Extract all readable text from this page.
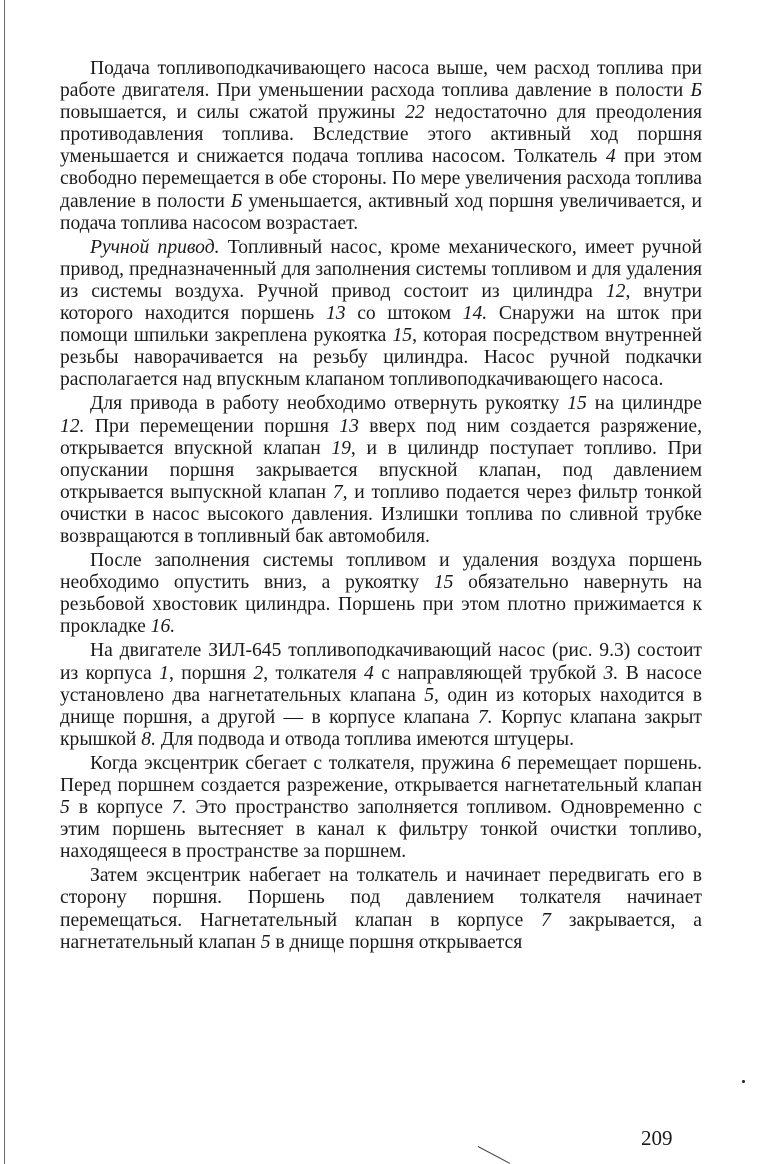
Подача топливоподкачивающего насоса выше, чем расход топлива при работе двигателя. При уменьшении расхода топлива давление в полости Б повышается, и силы сжатой пружины 22 недостаточно для преодоления противодавления топлива. Вследствие этого активный ход поршня уменьшается и снижается подача топлива насосом. Толкатель 4 при этом свободно перемещается в обе стороны. По мере увеличения расхода топлива давление в полости Б уменьшается, активный ход поршня увеличивается, и подача топлива насосом возрастает.

Ручной привод. Топливный насос, кроме механического, имеет ручной привод, предназначенный для заполнения системы топливом и для удаления из системы воздуха. Ручной привод состоит из цилиндра 12, внутри которого находится поршень 13 со штоком 14. Снаружи на шток при помощи шпильки закреплена рукоятка 15, которая посредством внутренней резьбы наворачивается на резьбу цилиндра. Насос ручной подкачки располагается над впускным клапаном топливоподкачивающего насоса.

Для привода в работу необходимо отвернуть рукоятку 15 на цилиндре 12. При перемещении поршня 13 вверх под ним создается разряжение, открывается впускной клапан 19, и в цилиндр поступает топливо. При опускании поршня закрывается впускной клапан, под давлением открывается выпускной клапан 7, и топливо подается через фильтр тонкой очистки в насос высокого давления. Излишки топлива по сливной трубке возвращаются в топливный бак автомобиля.

После заполнения системы топливом и удаления воздуха поршень необходимо опустить вниз, а рукоятку 15 обязательно навернуть на резьбовой хвостовик цилиндра. Поршень при этом плотно прижимается к прокладке 16.

На двигателе ЗИЛ-645 топливоподкачивающий насос (рис. 9.3) состоит из корпуса 1, поршня 2, толкателя 4 с направляющей трубкой 3. В насосе установлено два нагнетательных клапана 5, один из которых находится в днище поршня, а другой — в корпусе клапана 7. Корпус клапана закрыт крышкой 8. Для подвода и отвода топлива имеются штуцеры.

Когда эксцентрик сбегает с толкателя, пружина 6 перемещает поршень. Перед поршнем создается разрежение, открывается нагнетательный клапан 5 в корпусе 7. Это пространство заполняется топливом. Одновременно с этим поршень вытесняет в канал к фильтру тонкой очистки топливо, находящееся в пространстве за поршнем.

Затем эксцентрик набегает на толкатель и начинает передвигать его в сторону поршня. Поршень под давлением толкателя начинает перемещаться. Нагнетательный клапан в корпусе 7 закрывается, а нагнетательный клапан 5 в днище поршня открывается

209
